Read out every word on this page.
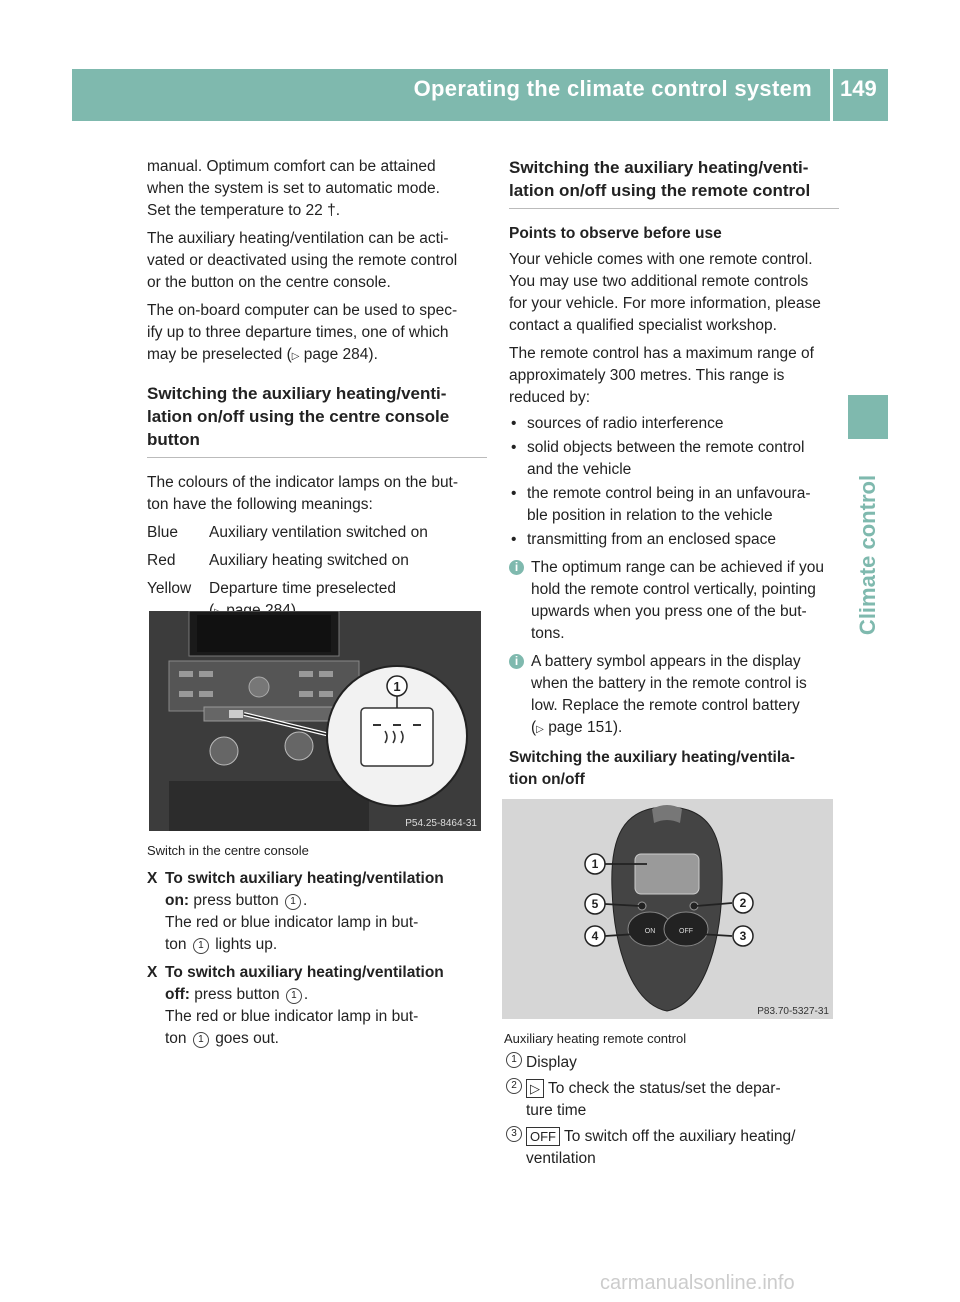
Operating the climate control system 149
Climate control

manual. Optimum comfort can be attained

when the system is set to automatic mode.

Set the temperature to 22 †.

The auxiliary heating/ventilation can be acti-

vated or deactivated using the remote control

or the button on the centre console.

The on-board computer can be used to spec-

ify up to three departure times, one of which

may be preselected (▷ page 284).

Switching the auxiliary heating/venti-

lation on/off using the centre console

button

The colours of the indicator lamps on the but-

ton have the following meanings:

Blue	Auxiliary ventilation switched on
Red	Auxiliary heating switched on
Yellow	Departure time preselected
1
P54.25-8464-31

Switch in the centre console

X To switch auxiliary heating/ventilation

on: press button 1 .

The red or blue indicator lamp in but-

ton 1 lights up.

X To switch auxiliary heating/ventilation

off: press button 1 .

The red or blue indicator lamp in but-

ton 1 goes out.

Switching the auxiliary heating/venti-

lation on/off using the remote control

Points to observe before use

Your vehicle comes with one remote control.

You may use two additional remote controls

for your vehicle. For more information, please

contact a qualified specialist workshop.

The remote control has a maximum range of

approximately 300 metres. This range is

reduced by:

• sources of radio interference

• solid objects between the remote control

and the vehicle

• the remote control being in an unfavoura-

ble position in relation to the vehicle

• transmitting from an enclosed space

i The optimum range can be achieved if you

hold the remote control vertically, pointing

upwards when you press one of the but-

tons.

i A battery symbol appears in the display

when the battery in the remote control is

low. Replace the remote control battery

(▷ page 151).

Switching the auxiliary heating/ventila-

tion on/off

ON	OFF
1
5
4
2
3
P83.70-5327-31

Auxiliary heating remote control

1 Display

2	▷ To check the status/set the depar-

ture time

3	OFF To switch off the auxiliary heating/

ventilation

carmanualsonline.info
